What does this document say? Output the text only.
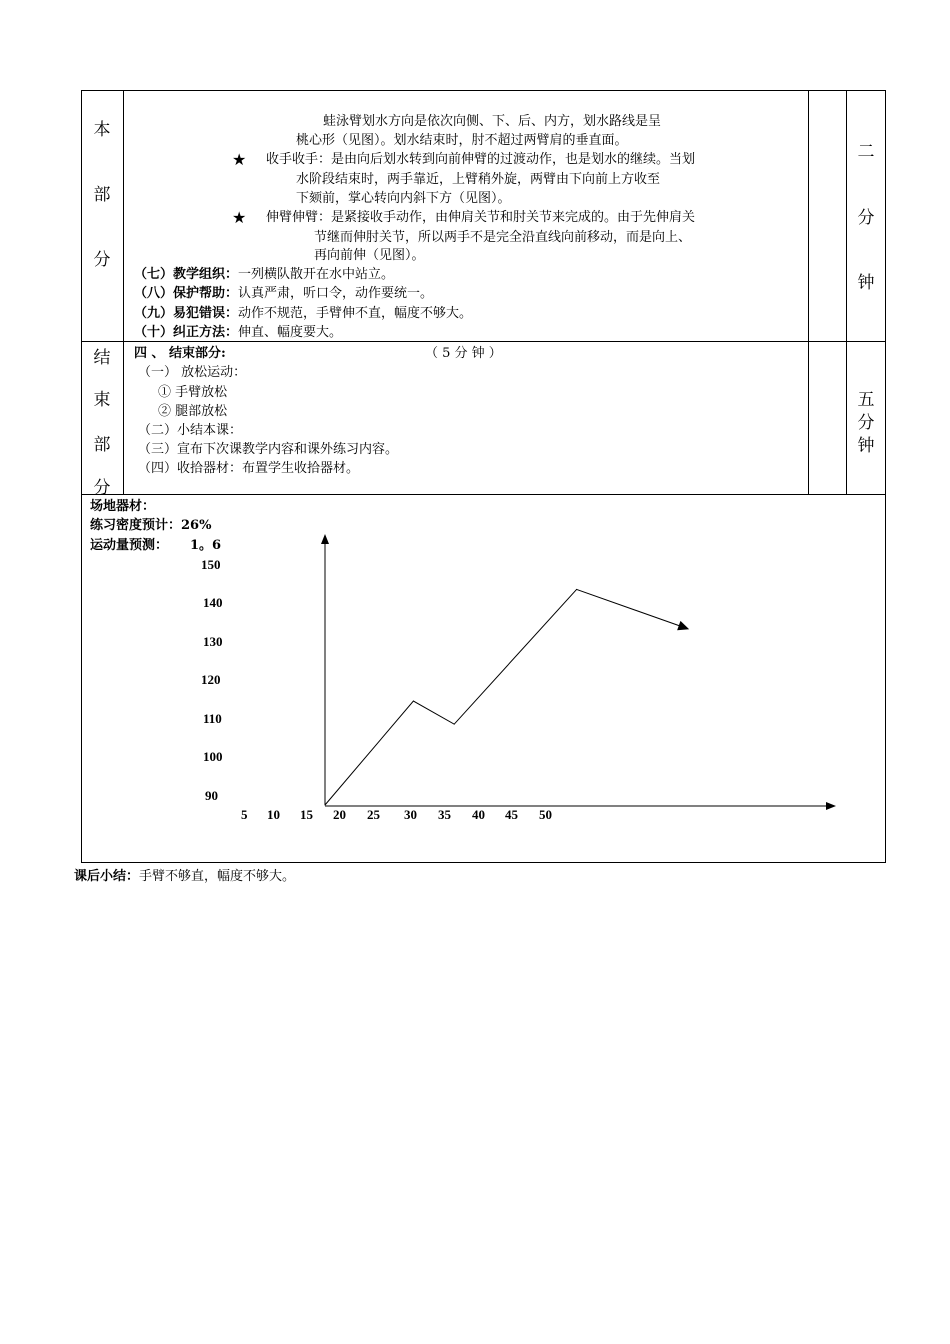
本
部
分
二
分
钟
蛙泳臂划水方向是依次向侧、下、后、内方，划水路线是呈
桃心形（见图）。划水结束时，肘不超过两臂肩的垂直面。
★ 收手收手：是由向后划水转到向前伸臂的过渡动作，也是划水的继续。当划
水阶段结束时，两手靠近，上臂稍外旋，两臂由下向前上方收至
下颏前，掌心转向内斜下方（见图）。
★ 伸臂伸臂：是紧接收手动作，由伸肩关节和肘关节来完成的。由于先伸肩关
节继而伸肘关节，所以两手不是完全沿直线向前移动，而是向上、
再向前伸（见图）。
（七）教学组织：一列横队散开在水中站立。
（八）保护帮助：认真严肃，听口令，动作要统一。
（九）易犯错误：动作不规范，手臂伸不直，幅度不够大。
（十）纠正方法：伸直、幅度要大。
结
束
部
分
五
分
钟
四 、 结束部分:	（ 5 分 钟 ）
（一） 放松运动：
① 手臂放松
② 腿部放松
（二）小结本课：
（三）宣布下次课教学内容和课外练习内容。
（四）收拾器材：布置学生收拾器材。
场地器材：
练习密度预计：26%
运动量预测： 1。6
150
140
130
120
110
100
90
5 10 15 20 25 30 35 40 45 50
课后小结：手臂不够直，幅度不够大。
